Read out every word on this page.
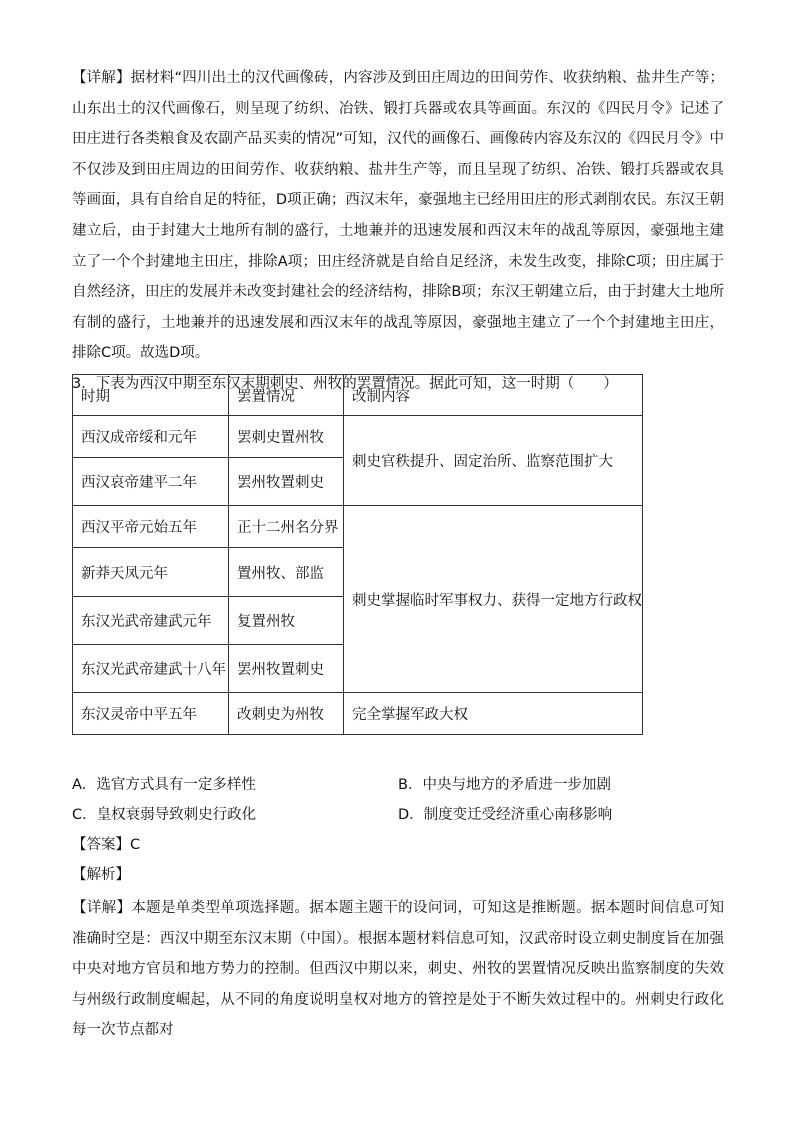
【详解】据材料“四川出土的汉代画像砖，内容涉及到田庄周边的田间劳作、收获纳粮、盐井生产等；山东出土的汉代画像石，则呈现了纺织、冶铁、锻打兵器或农具等画面。东汉的《四民月令》记述了田庄进行各类粮食及农副产品买卖的情况”可知，汉代的画像石、画像砖内容及东汉的《四民月令》中不仅涉及到田庄周边的田间劳作、收获纳粮、盐井生产等，而且呈现了纺织、冶铁、锻打兵器或农具等画面，具有自给自足的特征，D项正确；西汉末年，豪强地主已经用田庄的形式剥削农民。东汉王朝建立后，由于封建大土地所有制的盛行，土地兼并的迅速发展和西汉末年的战乱等原因，豪强地主建立了一个个封建地主田庄，排除A项；田庄经济就是自给自足经济，未发生改变，排除C项；田庄属于自然经济，田庄的发展并未改变封建社会的经济结构，排除B项；东汉王朝建立后，由于封建大土地所有制的盛行，土地兼并的迅速发展和西汉末年的战乱等原因，豪强地主建立了一个个封建地主田庄，排除C项。故选D项。

3．下表为西汉中期至东汉末期刺史、州牧的罢置情况。据此可知，这一时期（　　）

时期	罢置情况	改制内容
西汉成帝绥和元年	罢刺史置州牧	刺史官秩提升、固定治所、监察范围扩大
西汉哀帝建平二年	罢州牧置刺史	
西汉平帝元始五年	正十二州名分界	刺史掌握临时军事权力、获得一定地方行政权
新莽天凤元年	置州牧、部监	
东汉光武帝建武元年	复置州牧	
东汉光武帝建武十八年	罢州牧置刺史	
东汉灵帝中平五年	改刺史为州牧	完全掌握军政大权
A．选官方式具有一定多样性	B．中央与地方的矛盾进一步加剧
C．皇权衰弱导致刺史行政化	D．制度变迁受经济重心南移影响

【答案】C

【解析】

【详解】本题是单类型单项选择题。据本题主题干的设问词，可知这是推断题。据本题时间信息可知准确时空是：西汉中期至东汉末期（中国）。根据本题材料信息可知，汉武帝时设立刺史制度旨在加强中央对地方官员和地方势力的控制。但西汉中期以来，刺史、州牧的罢置情况反映出监察制度的失效与州级行政制度崛起，从不同的角度说明皇权对地方的管控是处于不断失效过程中的。州刺史行政化每一次节点都对
